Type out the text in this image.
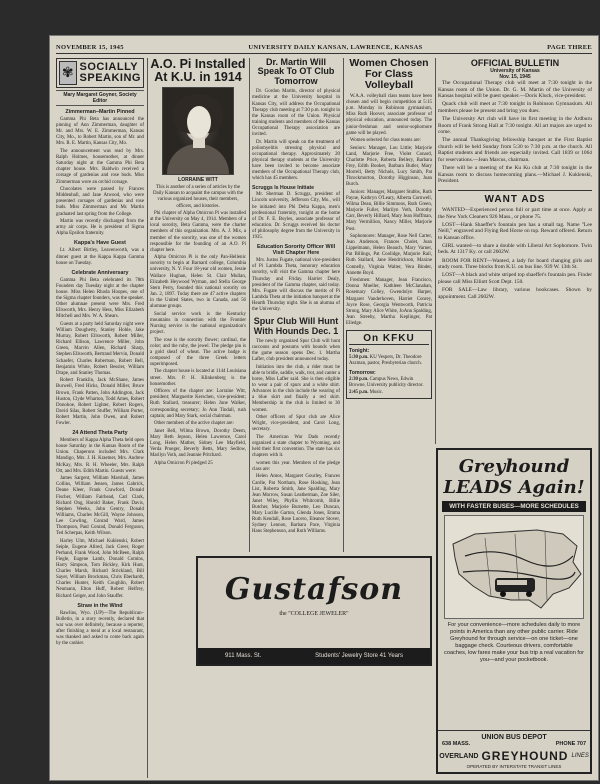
NOVEMBER 15, 1945	UNIVERSITY DAILY KANSAN, LAWRENCE, KANSAS	PAGE THREE
✾ SOCIALLY
SPEAKING
Mary Margaret Goyner, Society Editor
Zimmerman–Martin Pinned

Gamma Phi Beta has announced the pinning of Ann Zimmerman, daughter of Mr. and Mrs. W. E. Zimmerman, Kansas City, Mo., to Robert Martin, son of Mr. and Mrs. R. E. Martin, Kansas City, Mo.

The announcement was read by Mrs. Ralph Holmes, housemother, at dinner Saturday night at the Gamma Phi Beta chapter house. Mrs. Baldwin received a corsage of gardenias and rose buds. Miss Zimmerman wore an orchid corsage.

Chocolates were passed by Frances Middenhall, and Jane Atwood, who were presented corsages of gardenias and rose buds. Miss Zimmerman and Mr. Martin graduated last spring from the College.

Martin was recently discharged from the army air corps. He is president of Sigma Alpha Epsilon fraternity.

Kappa's Have Guest

Lt. Albert Birtley, Leavenworth, was a dinner guest at the Kappa Kappa Gamma house on Tuesday.

Celebrate Anniversary

Gamma Phi Beta celebrated its 78th Founders day Tuesday night at the chapter house. Miss Helen Rhoda Hoopes, one of the Sigma chapter founders, was the speaker. Other alumnae present were Mrs. Fred Ellsworth, Mrs. Henry Hess, Miss Elizabeth Mitchell and Mrs. W. A. Shears.

Guests at a party held Saturday night were William Dougherty, Stanley Hohle, Jake Murray, Robert Ellsworth, Robert Miller, Richard Ellison, Lawrence Miller, John Green, Marvin Allen, Richard Sharp, Stephen Ellsworth, Bertrand Mervin, Donald Schaefer, Charles Robertson, Robert Bell, Benjamin White, Robert Bessler, William Drape, and Stanley Thomas.

Robert Franklin, Jack McShane, James Burwell, Fred Hicks, Donald Miller, Bruce Brown, Frank Patten, John Addington, Jack Huston, Clyde Wharton, Todd Ames, Robert Donohoe, Robert Lighter, Robert Rogers, David Silas, Robert Stuffer, William Porter, Robert Martin, John Owen, and Robert Fowler.

24 Attend Theta Party

Members of Kappa Alpha Theta held open house Saturday in the Kansas Room of the Union. Chaperons included Mrs. Clark Mandigo, Mrs. J. H. Kraemer, Mrs. Andrew McKay, Mrs. R. H. Wheeler, Mrs. Ralph Ott, and Mrs. Edith Martin. Guests were:

James Sargent, William Marshall, James Collins, William Jensen, James Gabrick, Deane Kleer, Frank Crawford, Donald Fischer, William Fairhead, Carl Clark, Richard Ong, Harold Baker, Frank Davis, Stephen Weeks, John Gentry, Donald Williams, Charles McGill, Wayne Johnson, Lee Cowling, Conrad Ward, James Thompson, Paul Conrad, Donald Ferguson, Ted Scherpas, Keith Wilson.

Harley Ulm, Michael Kuklenski, Robert Seiple, Eugene Allred, Jack Greer, Roger Perhand, Frank Wood, John McBeen, Ralph Fiegle, Eugene Lamb, Donald Comins, Harry Simpson, Tom Bickley, Kirk Hunt, Charles Marsh, Richard Strickland, Bill Sayer, William Brockman, Chris Eberhardt, Charles Hunter, Keith Coughlin, Robert Neumann, Elton Huff, Robert Helfrey, Richard Geiger, and John Stauffer.

Straw in the Wind

Rawlins, Wyo. (UP)—The Republican–Bulletin, in a story recently, declared that war was over definitely, because a reporter, after finishing a meal at a local restaurant, was thanked and asked to come back again by the cashier.

A.O. Pi Installed At K.U. in 1914
LORRAINE WITT

This is another of a series of articles by the Daily Kansan to acquaint the campus with the various organized houses, their members, officers, and histories.

Phi chapter of Alpha Omicron Pi was installed at the University on May 4, 1914. Members of a local sorority, Beta Gamma, were the charter members of this organization. Mrs. A. J. Mix, a member of the sorority, was one of the women responsible for the founding of an A.O. Pi chapter here.

Alpha Omicron Pi is the only Pan-Hellenic sorority to begin at Barnard college, Columbia university, N. Y. Four 18-year old women, Jessie Wallace Hughan, Helen St. Clair Mullan, Elizabeth Heywood Wyman, and Stella George Stern Perry, founded this national sorority on Jan. 2, 1897. Today there are 47 active chapters in the United States, two in Canada, and 56 alumnae groups.

Social service work is the Kentucky mountains in connection with the Frontier Nursing service is the national organization's project.

The rose is the sorority flower; cardinal, the color; and the ruby, the jewel. The pledge pin is a gold sheaf of wheat. The active badge is composed of the three Greek letters superimposed.

The chapter house is located at 1144 Louisiana street. Mrs. P. H. Klinkenberg is the housemother.

Officers of the chapter are: Lorraine Witt, president; Marguerite Kerschen, vice-president; Ruth Stallard, treasurer; Helen June Walker, corresponding secretary; Jo Ann Tindall, rush captain; and Mary Stark, social chairman.

Other members of the active chapter are:

Janet Bell, Wilma Brown, Dorothy Deem, Mary Beth Jepson, Helen Lawrence, Carol Long, Helen Mather, Sidney Lee Mayfield, Verda Prueger, Beverly Betts, Mary Sedlow, Marilyn Voth, and Jeannie Pritchard.

Alpha Omicron Pi pledged 25

Dr. Martin Will Speak To OT Club Tomorrow

Dr. Gordon Martin, director of physical medicine at the University hospital in Kansas City, will address the Occupational Therapy club meeting at 7:30 p.m. tonight in the Kansas room of the Union. Physical training students and members of the Kansas Occupational Therapy association are invited.

Dr. Martin will speak on the treatment of poliomyelitis stressing physical and occupational therapy. Approximately 20 physical therapy students at the University have been invited to become associate members of the Occupational Therapy club, which has 45 members.

Scruggs Is House Initiate

Mr. Sherman D. Scruggs, president of Lincoln university, Jefferson City, Mo., will be initiated into Phi Delta Kappa, men's professional fraternity, tonight at the home of Dr. F. E. Boyles, associate professor of education. Dr. Scruggs received his doctor of philosophy degree from the University in 1935.

Education Sorority Officer Will Visit Chapter Here

Mrs. Justus Fugate, national vice-president of Pi Lambda Theta, honorary education sorority, will visit the Gamma chapter here Thursday and Friday. Harriet Dealy, president of the Gamma chapter, said today. Mrs. Fugate will discuss the merits of Pi Lambda Theta at the initiation banquet at the Hearth Thursday night. She is an alumna of the University.

Spur Club Will Hunt With Hounds Dec. 1

The newly organized Spur Club will hunt raccoons and possums with hounds when the game season opens Dec. 1. Martha Lafler, club president announced today.

Initiation into the club, a rider must be able to bridle, saddle, walk, trot, and canter a horse, Miss Lafler said. She is then eligible to wear a pair of spurs and a white shirt. Advances in the club include the wearing of a blue skirt and finally a red skirt. Membership in the club is limited to 30 women.

Other officers of Spur club are Alice Wright, vice-president, and Carol Long, secretary.

The American War Dads recently organized a state chapter to Wyoming, and held their first convention. The state has six chapters with it.

women this year. Members of the pledge class are:

Helen Amos, Margaret Gourley, Frances Cardie, Pat Northam, Rose Hosking, Jean List, Roberta Smith, Jane Spalding, Mary Jean Morrow, Susan Leatherman, Zoe Siler, Janet Wiley, Phyllis Whitcomb, Billie Butcher, Marjorie Burnette, Leo Duncan, Mary Lucille Garton, Glenda Jones, Emma Ruth Kendall, Rose Lucero, Eleanor Stover, Sydney Lennon, Barbara Pace, Virginia Hans Stephenson, and Ruth Williams.

Women Chosen For Class Volleyball

W.A.A. volleyball class teams have been chosen and will begin competition at 5:15 p.m. Monday in Robinson gymnasium, Miss Ruth Hoover, associate professor of physical education, announced today. The junior-freshman and senior-sophomore game will be played.

Women selected for class teams are:

Seniors: Manager, Lou Little; Marjorie Land, Marjorie Free, Violet Conard, Charlotte Price, Roberta Bellery, Barbara Frey, Edith Booker, Barbara Butler, Mary Morrell, Betty Nichols, Lucy Smith, Pat Throckmorton, Dorothy Higginson, Joan Burch.

Juniors: Manager, Margaret Stubbs, Ruth Payne, Kathryn O'Leary, Alberta Cornwell, Wilma Dean, Billie Simmons, Ruth Green, Marjorie Fuller, Marilyn Voth, Dorothy Carr, Beverly Hilliard, Mary Jean Hoffman, Mary Vermillion, Nancy Miller, Marjorie Post.

Sophomores: Manager, Rose Nell Carter, Jean Anderson, Frances Cholet, Joan Lippelmann, Helen Beauch, Mary Varner, Pat Billings, Pat Coolidge, Marjorie Rail, Ruth Stallard, Jane Hendrickson, Maxine Connelly, Virginia Walter, Vera Binder, Annette Boyd.

Freshmen: Manager, Jean Francisco, Donna Mueller, Kathleen McClanahan, Rosemary Colley, Gwendolyn Harper, Margaret Vanderhoven, Harriet Conrey, Joyce Rose, Georgia Wentworth, Patricia Strong, Mary Alice White, JoAnn Spalding, Jean Streeby, Martha Keplinger, Pat Elledge.

On KFKU
Tonight:
5:30 p.m. KU Vespers, Dr. Theodore Aszman, pastor, Presbyterian church.
Tomorrow:
2:30 p.m. Campus News, Edwin Browne, University publicity director.
2:45 p.m. Music.
OFFICIAL BULLETIN
University of Kansas
Nov. 15, 1945

The Occupational Therapy club will meet at 7:30 tonight in the Kansas room of the Union. Dr. G. M. Martin of the University of Kansas hospital will be guest speaker.—Doris Kluck, vice-president.

Quack club will meet at 7:30 tonight in Robinson Gymnasium. All members please be present and bring you dues.

The University Art club will have its first meeting in the Ardburu Room of Frank Strong Hall at 7:30 tonight. All art majors are urged to come.

The annual Thanksgiving fellowship banquet at the First Baptist church will be held Sunday from 5:30 to 7:30 p.m. at the church. All Baptist students and friends are especially invited. Call 1839 or 1064 for reservations.—Jean Marcus, chairman.

There will be a meeting of the Ku Ku club at 7:30 tonight in the Kansas room to discuss homecoming plans.—Michael J. Kuklenski, President.

WANT ADS

WANTED—Experienced person full or part time at once. Apply at the New York Cleaners 926 Mass., or phone 75.

LOST—Hank Shaeffer's fountain pen has a small tag. Name "Lee Neill," engraved and Flying Red Horse on top. Reward offered. Return to Kansan office.

GIRL wanted—to share a double with Liberal Art Sophomore. Twin beds. At 1317 Ky. or call 2602W.

ROOM FOR RENT—Wanted, a lady for board changing girls and study room. Three blocks from K.U. on bus line. 939 W. 13th St.

LOST—A black and white striped top shaeffer's fountain pen. Finder please call Miss Elliott Scott Dept. 150.

FOR SALE—Law library, various bookcases. Shown by appointment. Call 2602W.

Gustafson
the "COLLEGE JEWELER"
911 Mass. St.	Students' Jewelry Store 41 Years
Greyhound LEADS Again!
WITH FASTER BUSES—MORE SCHEDULES
For your convenience—more schedules daily to more points in America than any other public carrier. Ride Greyhound for through service—on one ticket—one baggage check. Courteous drivers, comfortable coaches, low fares make your bus trip a real vacation for you—and your pocketbook.
UNION BUS DEPOT
638 MASS.	PHONE 707
OVERLAND GREYHOUND LINES
OPERATED BY INTERSTATE TRANSIT LINES
